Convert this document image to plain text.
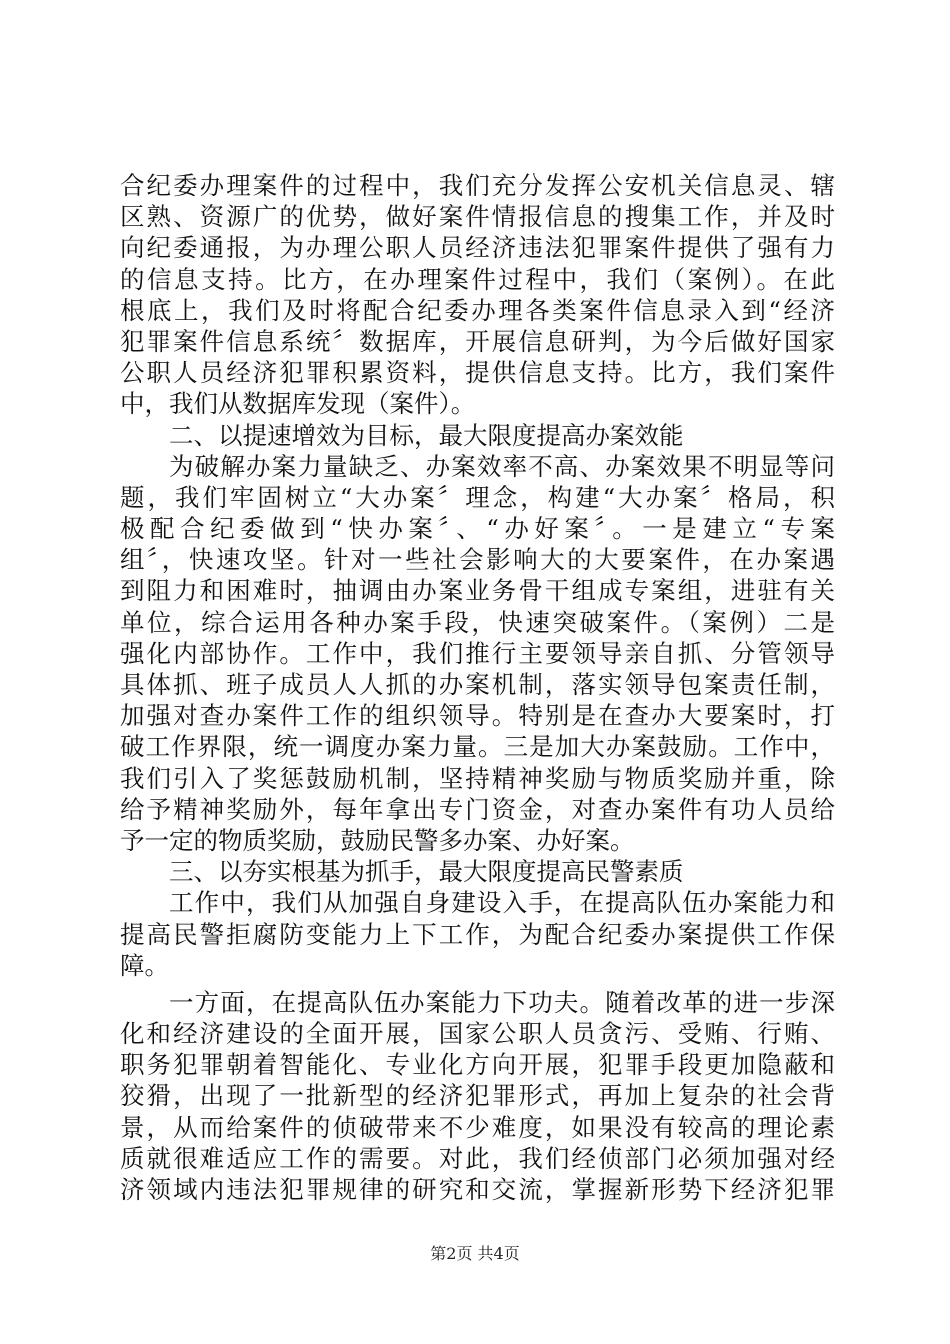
合纪委办理案件的过程中，我们充分发挥公安机关信息灵、辖
区熟、资源广的优势，做好案件情报信息的搜集工作，并及时
向纪委通报，为办理公职人员经济违法犯罪案件提供了强有力
的信息支持。比方，在办理案件过程中，我们（案例）。在此
根底上，我们及时将配合纪委办理各类案件信息录入到“经济
犯罪案件信息系统〞数据库，开展信息研判，为今后做好国家
公职人员经济犯罪积累资料，提供信息支持。比方，我们案件
中，我们从数据库发现（案件）。
二、以提速增效为目标，最大限度提高办案效能
为破解办案力量缺乏、办案效率不高、办案效果不明显等问
题，我们牢固树立“大办案〞理念，构建“大办案〞格局，积
极配合纪委做到“快办案〞、“办好案〞。一是建立“专案
组〞，快速攻坚。针对一些社会影响大的大要案件，在办案遇
到阻力和困难时，抽调由办案业务骨干组成专案组，进驻有关
单位，综合运用各种办案手段，快速突破案件。（案例）二是
强化内部协作。工作中，我们推行主要领导亲自抓、分管领导
具体抓、班子成员人人抓的办案机制，落实领导包案责任制，
加强对查办案件工作的组织领导。特别是在查办大要案时，打
破工作界限，统一调度办案力量。三是加大办案鼓励。工作中，
我们引入了奖惩鼓励机制，坚持精神奖励与物质奖励并重，除
给予精神奖励外，每年拿出专门资金，对查办案件有功人员给
予一定的物质奖励，鼓励民警多办案、办好案。
三、以夯实根基为抓手，最大限度提高民警素质
工作中，我们从加强自身建设入手，在提高队伍办案能力和
提高民警拒腐防变能力上下工作，为配合纪委办案提供工作保
障。
一方面，在提高队伍办案能力下功夫。随着改革的进一步深
化和经济建设的全面开展，国家公职人员贪污、受贿、行贿、
职务犯罪朝着智能化、专业化方向开展，犯罪手段更加隐蔽和
狡猾，出现了一批新型的经济犯罪形式，再加上复杂的社会背
景，从而给案件的侦破带来不少难度，如果没有较高的理论素
质就很难适应工作的需要。对此，我们经侦部门必须加强对经
济领域内违法犯罪规律的研究和交流，掌握新形势下经济犯罪
第2页 共4页
